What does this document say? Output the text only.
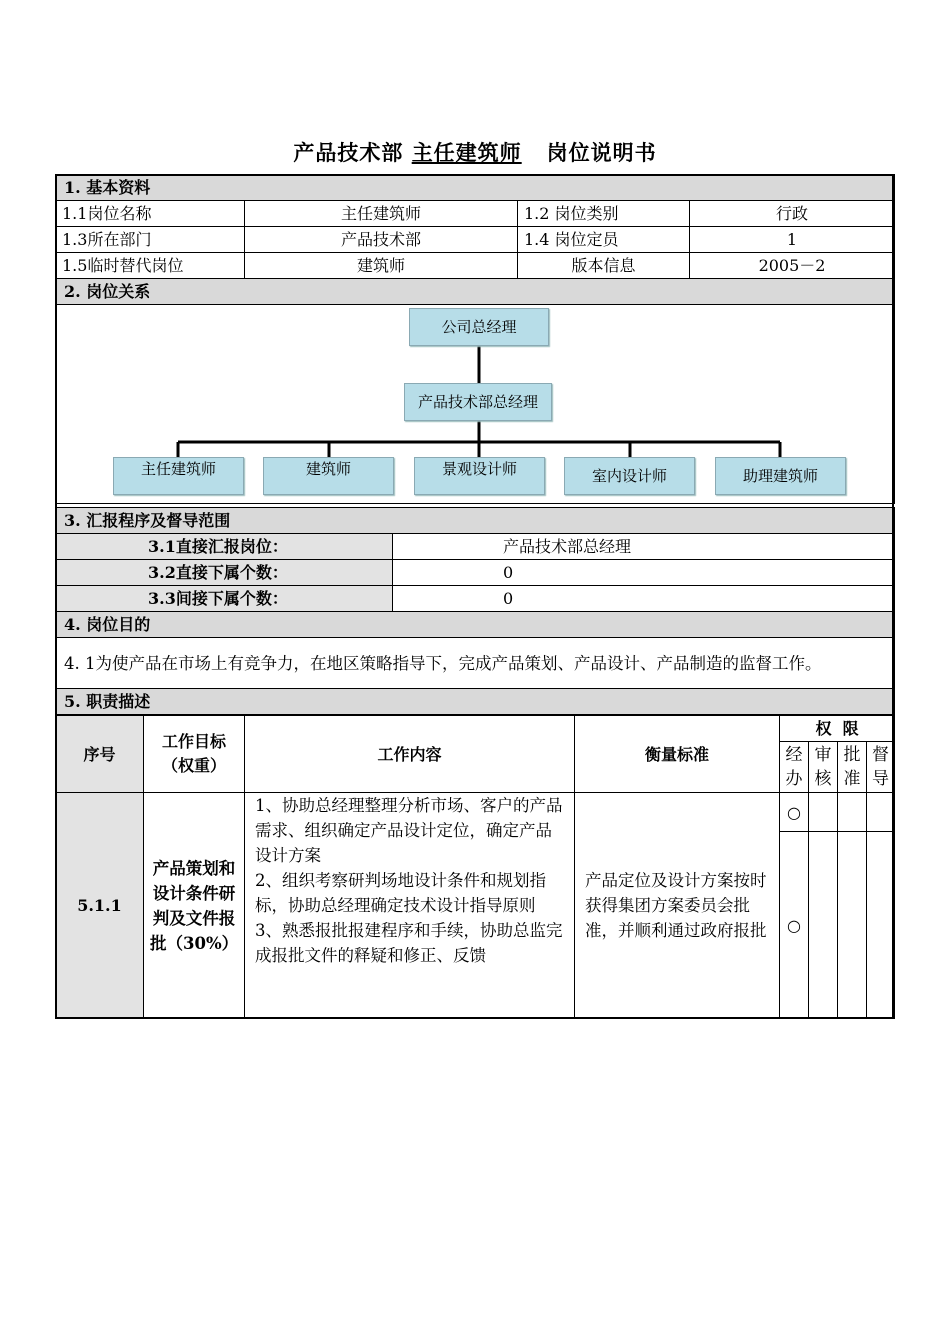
产品技术部 主任建筑师 岗位说明书
1. 基本资料			
1.1岗位名称	主任建筑师	1.2 岗位类别	行政
1.3所在部门	产品技术部	1.4 岗位定员	1
1.5临时替代岗位	建筑师	版本信息	2005－2
2. 岗位关系			

公司总经理
产品技术部总经理
主任建筑师	建筑师	景观设计师	室内设计师	助理建筑师
3. 汇报程序及督导范围	
3.1直接汇报岗位：	产品技术部总经理
3.2直接下属个数：	0
3.3间接下属个数：	0
4. 岗位目的	
4. 1为使产品在市场上有竞争力，在地区策略指导下，完成产品策划、产品设计、产品制造的监督工作。	
5. 职责描述	
序号	工作目标（权重）	工作内容	衡量标准	权  限			
				经办	审核	批准	督导
5.1.1	产品策划和设计条件研判及文件报批（30%）	1、协助总经理整理分析市场、客户的产品需求、组织确定产品设计定位，确定产品设计方案
2、组织考察研判场地设计条件和规划指标，协助总经理确定技术设计指导原则
3、熟悉报批报建程序和手续，协助总监完成报批文件的释疑和修正、反馈	产品定位及设计方案按时获得集团方案委员会批准，并顺利通过政府报批	○			
				○			
